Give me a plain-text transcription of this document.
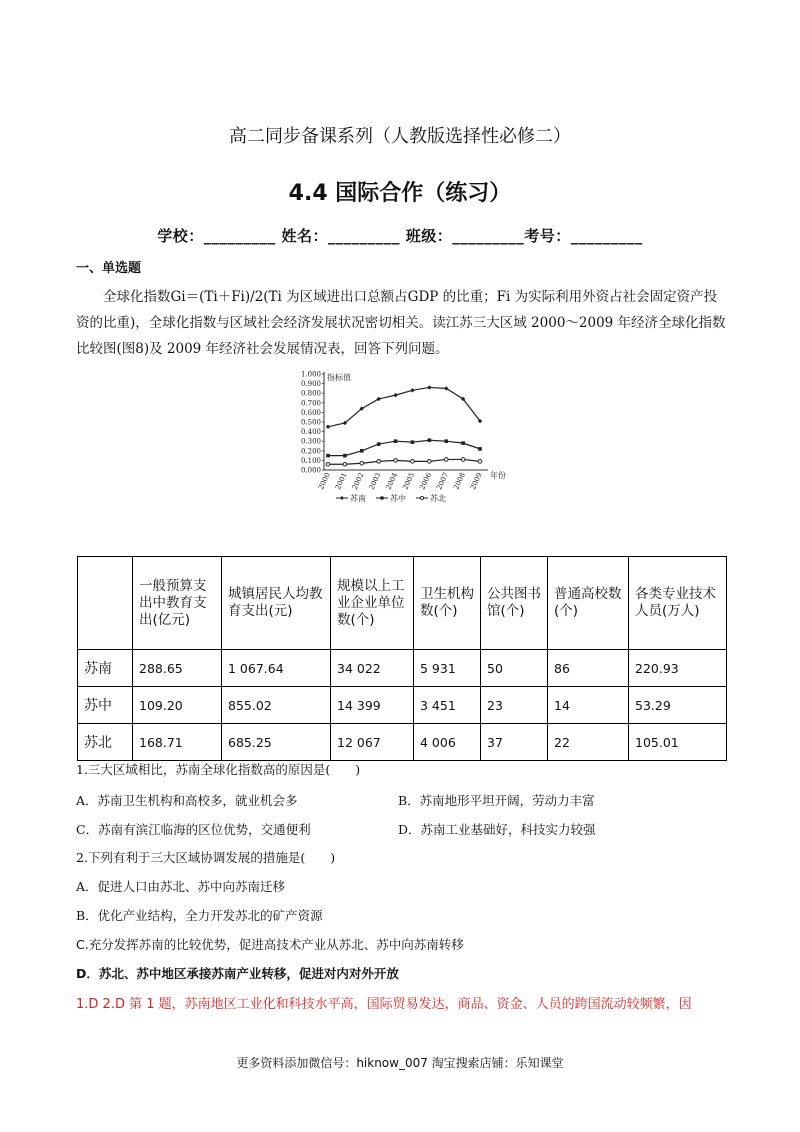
高二同步备课系列（人教版选择性必修二）
4.4 国际合作（练习）
学校：_________ 姓名：_________ 班级：_________考号：_________
一、单选题
全球化指数Gi＝(Ti＋Fi)/2(Ti 为区域进出口总额占GDP 的比重；Fi 为实际利用外资占社会固定资产投资的比重)，全球化指数与区域社会经济发展状况密切相关。读江苏三大区域 2000～2009 年经济全球化指数比较图(图8)及 2009 年经济社会发展情况表，回答下列问题。
0.000
0.100
0.200
0.300
0.400
0.500
0.600
0.700
0.800
0.900
1.000
2000 2001 2002 2003 2004 2005 2006 2007 2008 2009
指标值
年份
苏南	苏中	苏北
	一般预算支出中教育支出(亿元)	城镇居民人均教育支出(元)	规模以上工业企业单位数(个)	卫生机构数(个)	公共图书馆(个)	普通高校数(个)	各类专业技术人员(万人)
苏南	288.65	1 067.64	34 022	5 931	50	86	220.93
苏中	109.20	855.02	14 399	3 451	23	14	53.29
苏北	168.71	685.25	12 067	4 006	37	22	105.01
1.三大区域相比，苏南全球化指数高的原因是(　　)
A．苏南卫生机构和高校多，就业机会多	B．苏南地形平坦开阔，劳动力丰富
C．苏南有滨江临海的区位优势，交通便利	D．苏南工业基础好，科技实力较强
2.下列有利于三大区域协调发展的措施是(　　)
A．促进人口由苏北、苏中向苏南迁移
B．优化产业结构，全力开发苏北的矿产资源
C.充分发挥苏南的比较优势，促进高技术产业从苏北、苏中向苏南转移
D．苏北、苏中地区承接苏南产业转移，促进对内对外开放
1.D 2.D 第 1 题，苏南地区工业化和科技水平高，国际贸易发达，商品、资金、人员的跨国流动较频繁，因
更多资料添加微信号：hiknow_007 淘宝搜索店铺：乐知课堂
